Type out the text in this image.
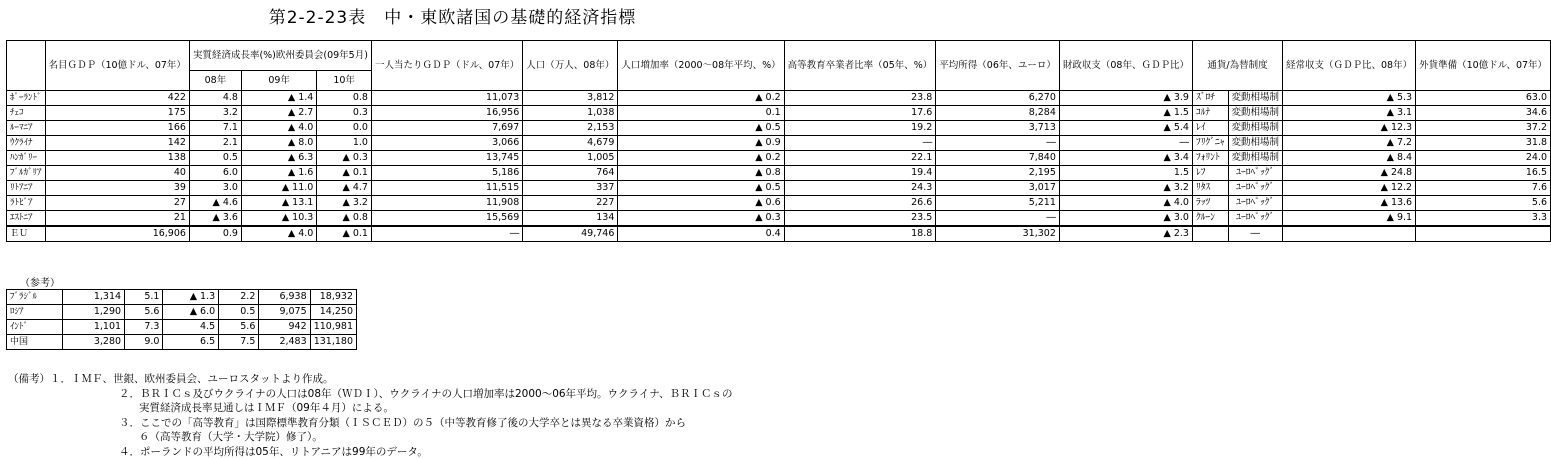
第2-2-23表　中・東欧諸国の基礎的経済指標
	名目ＧＤＰ（10億ドル、07年）	実質経済成長率(%)欧州委員会(09年5月)			一人当たりＧＤＰ（ドル、07年）	人口（万人、08年）	人口増加率（2000～08年平均、%）	高等教育卒業者比率（05年、%）	平均所得（06年、ユーロ）	財政収支（08年、ＧＤＰ比）	通貨/為替制度		経常収支（ＧＤＰ比、08年）	外貨準備（10億ドル、07年）
		08年	09年	10年										
ﾎﾟｰﾗﾝﾄﾞ	422	4.8	▲ 1.4	0.8	11,073	3,812	▲ 0.2	23.8	6,270	▲ 3.9	ｽﾞﾛﾁ	変動相場制	▲ 5.3	63.0
ﾁｪｺ	175	3.2	▲ 2.7	0.3	16,956	1,038	0.1	17.6	8,284	▲ 1.5	ｺﾙﾅ	変動相場制	▲ 3.1	34.6
ﾙｰﾏﾆｱ	166	7.1	▲ 4.0	0.0	7,697	2,153	▲ 0.5	19.2	3,713	▲ 5.4	ﾚｲ	変動相場制	▲ 12.3	37.2
ｳｸﾗｲﾅ	142	2.1	▲ 8.0	1.0	3,066	4,679	▲ 0.9	―	―	―	ﾌﾘｸﾞﾆｬ	変動相場制	▲ 7.2	31.8
ﾊﾝｶﾞﾘｰ	138	0.5	▲ 6.3	▲ 0.3	13,745	1,005	▲ 0.2	22.1	7,840	▲ 3.4	ﾌｫﾘﾝﾄ	変動相場制	▲ 8.4	24.0
ﾌﾞﾙｶﾞﾘｱ	40	6.0	▲ 1.6	▲ 0.1	5,186	764	▲ 0.8	19.4	2,195	1.5	ﾚﾌ	ﾕｰﾛﾍﾟｯｸﾞ	▲ 24.8	16.5
ﾘﾄｱﾆｱ	39	3.0	▲ 11.0	▲ 4.7	11,515	337	▲ 0.5	24.3	3,017	▲ 3.2	ﾘﾀｽ	ﾕｰﾛﾍﾟｯｸﾞ	▲ 12.2	7.6
ﾗﾄﾋﾞｱ	27	▲ 4.6	▲ 13.1	▲ 3.2	11,908	227	▲ 0.6	26.6	5,211	▲ 4.0	ﾗｯﾂ	ﾕｰﾛﾍﾟｯｸﾞ	▲ 13.6	5.6
ｴｽﾄﾆｱ	21	▲ 3.6	▲ 10.3	▲ 0.8	15,569	134	▲ 0.3	23.5	―	▲ 3.0	ｸﾙｰﾝ	ﾕｰﾛﾍﾟｯｸﾞ	▲ 9.1	3.3
ＥＵ	16,906	0.9	▲ 4.0	▲ 0.1	―	49,746	0.4	18.8	31,302	▲ 2.3		―		
（参考）
ﾌﾞﾗｼﾞﾙ	1,314	5.1	▲ 1.3	2.2	6,938	18,932
ﾛｼｱ	1,290	5.6	▲ 6.0	0.5	9,075	14,250
ｲﾝﾄﾞ	1,101	7.3	4.5	5.6	942	110,981
中国	3,280	9.0	6.5	7.5	2,483	131,180
（備考）１．ＩＭＦ、世銀、欧州委員会、ユーロスタットより作成。
２．ＢＲＩＣｓ及びウクライナの人口は08年（ＷＤＩ）、ウクライナの人口増加率は2000～06年平均。ウクライナ、ＢＲＩＣｓの
実質経済成長率見通しはＩＭＦ（09年４月）による。
３．ここでの「高等教育」は国際標準教育分類（ＩＳＣＥＤ）の５（中等教育修了後の大学卒とは異なる卒業資格）から
６（高等教育（大学・大学院）修了）。
４．ポーランドの平均所得は05年、リトアニアは99年のデータ。
